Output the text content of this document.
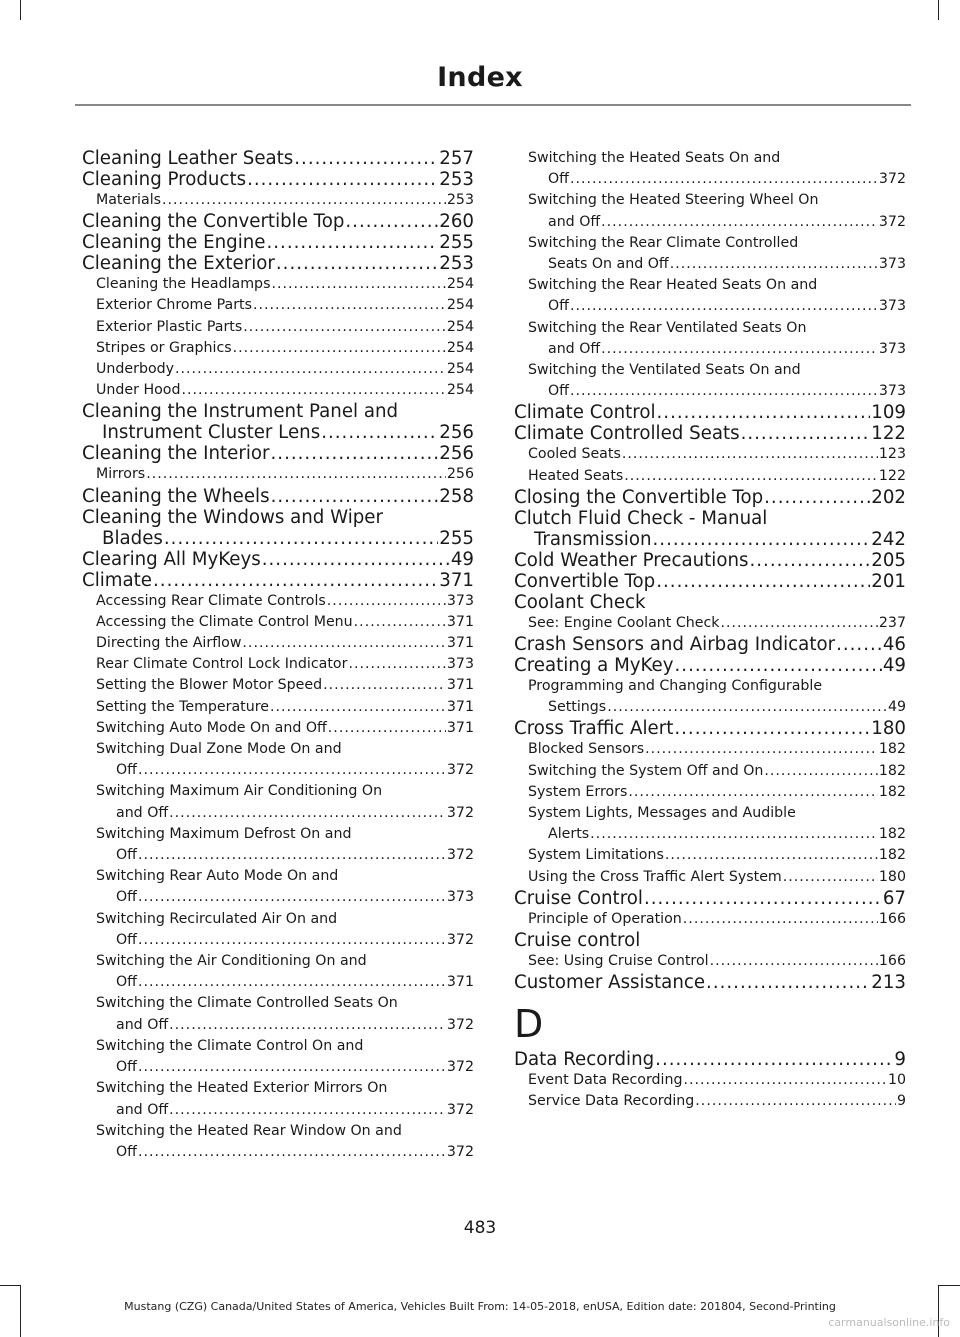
Index
Cleaning Leather Seats .....	257
Cleaning Products .....	253
Materials .....	253
Cleaning the Convertible Top .....	260
Cleaning the Engine .....	255
Cleaning the Exterior .....	253
Cleaning the Headlamps .....	254
Exterior Chrome Parts .....	254
Exterior Plastic Parts .....	254
Stripes or Graphics .....	254
Underbody .....	254
Under Hood .....	254
Cleaning the Instrument Panel and
Instrument Cluster Lens .....	256
Cleaning the Interior .....	256
Mirrors .....	256
Cleaning the Wheels .....	258
Cleaning the Windows and Wiper
Blades .....	255
Clearing All MyKeys .....	49
Climate .....	371
Accessing Rear Climate Controls .....	373
Accessing the Climate Control Menu .....	371
Directing the Airflow .....	371
Rear Climate Control Lock Indicator .....	373
Setting the Blower Motor Speed .....	371
Setting the Temperature .....	371
Switching Auto Mode On and Off .....	371
Switching Dual Zone Mode On and
Off .....	372
Switching Maximum Air Conditioning On
and Off .....	372
Switching Maximum Defrost On and
Off .....	372
Switching Rear Auto Mode On and
Off .....	373
Switching Recirculated Air On and
Off .....	372
Switching the Air Conditioning On and
Off .....	371
Switching the Climate Controlled Seats On
and Off .....	372
Switching the Climate Control On and
Off .....	372
Switching the Heated Exterior Mirrors On
and Off .....	372
Switching the Heated Rear Window On and
Off .....	372
Switching the Heated Seats On and
Off .....	372
Switching the Heated Steering Wheel On
and Off .....	372
Switching the Rear Climate Controlled
Seats On and Off .....	373
Switching the Rear Heated Seats On and
Off .....	373
Switching the Rear Ventilated Seats On
and Off .....	373
Switching the Ventilated Seats On and
Off .....	373
Climate Control .....	109
Climate Controlled Seats .....	122
Cooled Seats .....	123
Heated Seats .....	122
Closing the Convertible Top .....	202
Clutch Fluid Check - Manual
Transmission .....	242
Cold Weather Precautions .....	205
Convertible Top .....	201
Coolant Check
See: Engine Coolant Check .....	237
Crash Sensors and Airbag Indicator .....	46
Creating a MyKey .....	49
Programming and Changing Configurable
Settings .....	49
Cross Traffic Alert .....	180
Blocked Sensors .....	182
Switching the System Off and On .....	182
System Errors .....	182
System Lights, Messages and Audible
Alerts .....	182
System Limitations .....	182
Using the Cross Traffic Alert System .....	180
Cruise Control .....	67
Principle of Operation .....	166
Cruise control
See: Using Cruise Control .....	166
Customer Assistance .....	213
D
Data Recording .....	9
Event Data Recording .....	10
Service Data Recording .....	9
483
Mustang (CZG) Canada/United States of America, Vehicles Built From: 14-05-2018, enUSA, Edition date: 201804, Second-Printing
carmanualsonline.info
